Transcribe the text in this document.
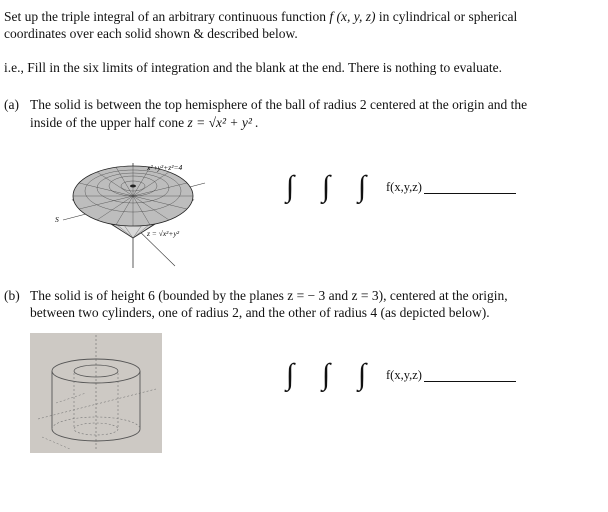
Set up the triple integral of an arbitrary continuous function f (x, y, z) in cylindrical or spherical
coordinates over each solid shown & described below.
i.e., Fill in the six limits of integration and the blank at the end. There is nothing to evaluate.
(a) The solid is between the top hemisphere of the ball of radius 2 centered at the origin and the
inside of the upper half cone z = √x² + y² .
x²+y²+z²=4
z = √x²+y²
S
∫ ∫ ∫	f(x,y,z)
(b) The solid is of height 6 (bounded by the planes z = − 3 and z = 3), centered at the origin,
between two cylinders, one of radius 2, and the other of radius 4 (as depicted below).
∫ ∫ ∫	f(x,y,z)
